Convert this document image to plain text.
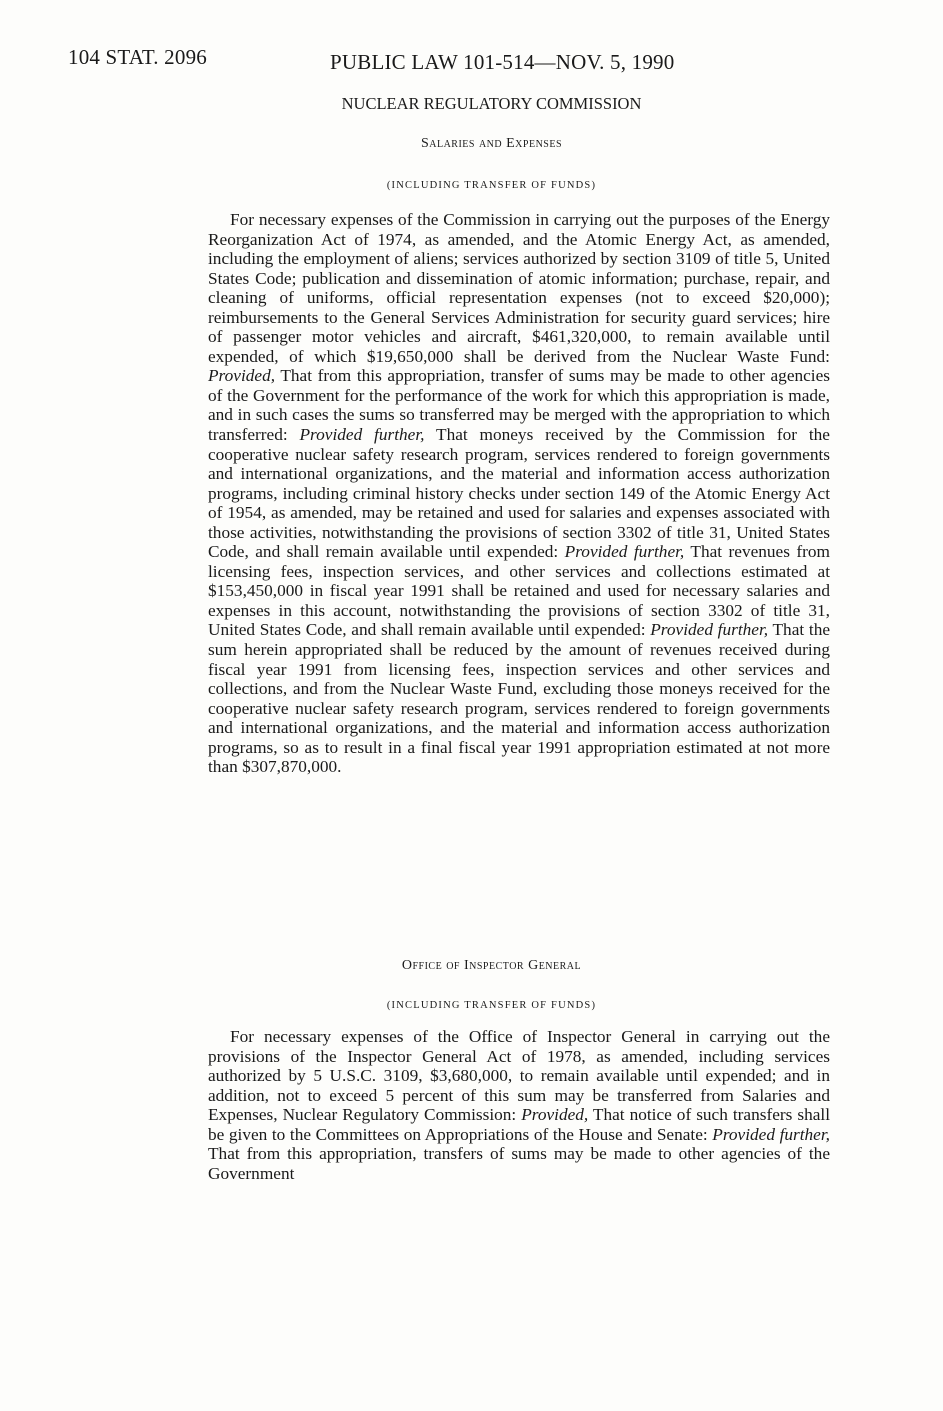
104 STAT. 2096	PUBLIC LAW 101-514—NOV. 5, 1990
NUCLEAR REGULATORY COMMISSION
Salaries and Expenses
(INCLUDING TRANSFER OF FUNDS)
For necessary expenses of the Commission in carrying out the purposes of the Energy Reorganization Act of 1974, as amended, and the Atomic Energy Act, as amended, including the employment of aliens; services authorized by section 3109 of title 5, United States Code; publication and dissemination of atomic information; purchase, repair, and cleaning of uniforms, official representation expenses (not to exceed $20,000); reimbursements to the General Services Administration for security guard services; hire of passenger motor vehicles and aircraft, $461,320,000, to remain available until expended, of which $19,650,000 shall be derived from the Nuclear Waste Fund: Provided, That from this appropriation, transfer of sums may be made to other agencies of the Government for the performance of the work for which this appropriation is made, and in such cases the sums so transferred may be merged with the appropriation to which transferred: Provided further, That moneys received by the Commission for the cooperative nuclear safety research program, services rendered to foreign governments and international organizations, and the material and information access authorization programs, including criminal history checks under section 149 of the Atomic Energy Act of 1954, as amended, may be retained and used for salaries and expenses associated with those activities, notwithstanding the provisions of section 3302 of title 31, United States Code, and shall remain available until expended: Provided further, That revenues from licensing fees, inspection services, and other services and collections estimated at $153,450,000 in fiscal year 1991 shall be retained and used for necessary salaries and expenses in this account, notwithstanding the provisions of section 3302 of title 31, United States Code, and shall remain available until expended: Provided further, That the sum herein appropriated shall be reduced by the amount of revenues received during fiscal year 1991 from licensing fees, inspection services and other services and collections, and from the Nuclear Waste Fund, excluding those moneys received for the cooperative nuclear safety research program, services rendered to foreign governments and international organizations, and the material and information access authorization programs, so as to result in a final fiscal year 1991 appropriation estimated at not more than $307,870,000.
Office of Inspector General
(INCLUDING TRANSFER OF FUNDS)
For necessary expenses of the Office of Inspector General in carrying out the provisions of the Inspector General Act of 1978, as amended, including services authorized by 5 U.S.C. 3109, $3,680,000, to remain available until expended; and in addition, not to exceed 5 percent of this sum may be transferred from Salaries and Expenses, Nuclear Regulatory Commission: Provided, That notice of such transfers shall be given to the Committees on Appropriations of the House and Senate: Provided further, That from this appropriation, transfers of sums may be made to other agencies of the Government
